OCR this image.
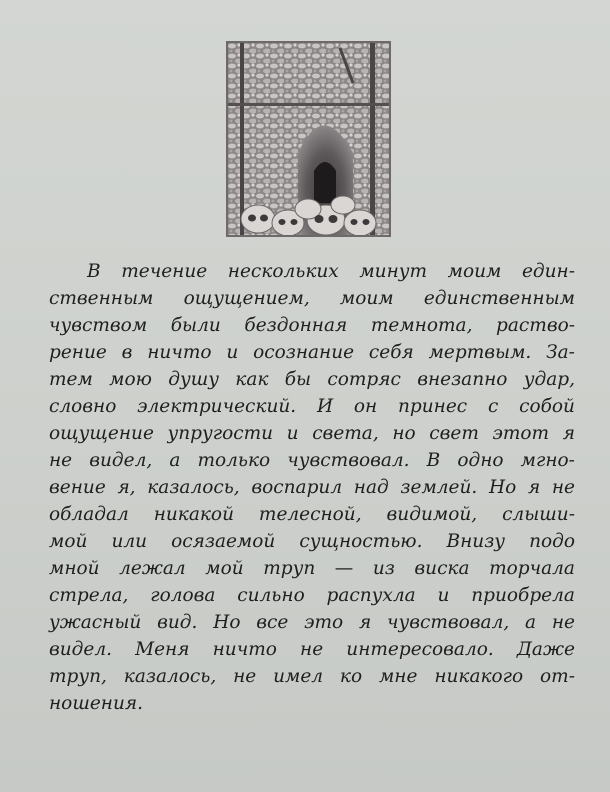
В течение нескольких минут моим един-

ственным ощущением, моим единственным

чувством были бездонная темнота, раство-

рение в ничто и осознание себя мертвым. За-

тем мою душу как бы сотряс внезапно удар,

словно электрический. И он принес с собой

ощущение упругости и света, но свет этот я

не видел, а только чувствовал. В одно мгно-

вение я, казалось, воспарил над землей. Но я не

обладал никакой телесной, видимой, слыши-

мой или осязаемой сущностью. Внизу подо

мной лежал мой труп — из виска торчала

стрела, голова сильно распухла и приобрела

ужасный вид. Но все это я чувствовал, а не

видел. Меня ничто не интересовало. Даже

труп, казалось, не имел ко мне никакого от-

ношения.
